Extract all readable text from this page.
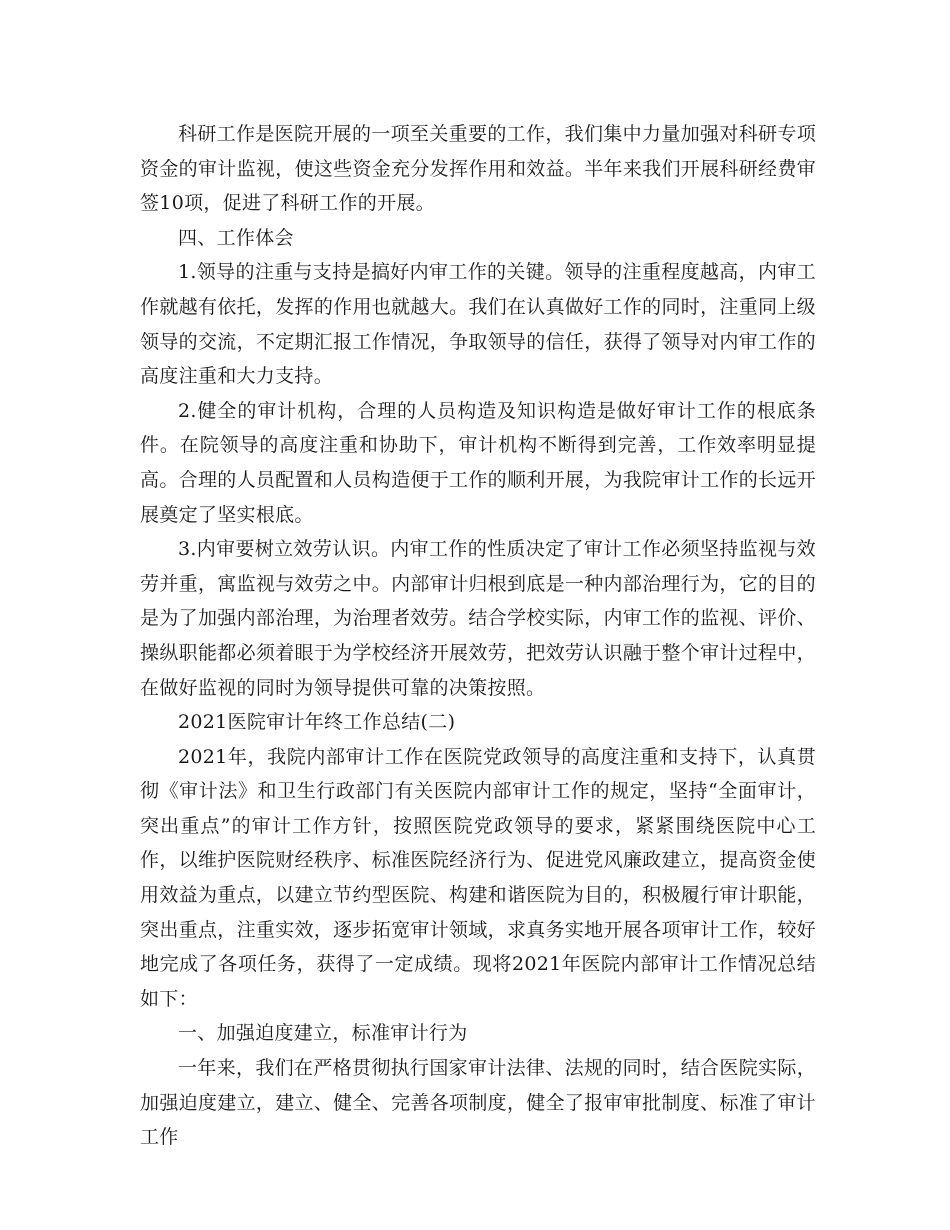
科研工作是医院开展的一项至关重要的工作，我们集中力量加强对科研专项资金的审计监视，使这些资金充分发挥作用和效益。半年来我们开展科研经费审签10项，促进了科研工作的开展。

四、工作体会

1.领导的注重与支持是搞好内审工作的关键。领导的注重程度越高，内审工作就越有依托，发挥的作用也就越大。我们在认真做好工作的同时，注重同上级领导的交流，不定期汇报工作情况，争取领导的信任，获得了领导对内审工作的高度注重和大力支持。

2.健全的审计机构，合理的人员构造及知识构造是做好审计工作的根底条件。在院领导的高度注重和协助下，审计机构不断得到完善，工作效率明显提高。合理的人员配置和人员构造便于工作的顺利开展，为我院审计工作的长远开展奠定了坚实根底。

3.内审要树立效劳认识。内审工作的性质决定了审计工作必须坚持监视与效劳并重，寓监视与效劳之中。内部审计归根到底是一种内部治理行为，它的目的是为了加强内部治理，为治理者效劳。结合学校实际，内审工作的监视、评价、操纵职能都必须着眼于为学校经济开展效劳，把效劳认识融于整个审计过程中，在做好监视的同时为领导提供可靠的决策按照。

2021医院审计年终工作总结(二)

2021年，我院内部审计工作在医院党政领导的高度注重和支持下，认真贯彻《审计法》和卫生行政部门有关医院内部审计工作的规定，坚持“全面审计，突出重点”的审计工作方针，按照医院党政领导的要求，紧紧围绕医院中心工作，以维护医院财经秩序、标准医院经济行为、促进党风廉政建立，提高资金使用效益为重点，以建立节约型医院、构建和谐医院为目的，积极履行审计职能，突出重点，注重实效，逐步拓宽审计领域，求真务实地开展各项审计工作，较好地完成了各项任务，获得了一定成绩。现将2021年医院内部审计工作情况总结如下：

一、加强迫度建立，标准审计行为

一年来，我们在严格贯彻执行国家审计法律、法规的同时，结合医院实际，加强迫度建立，建立、健全、完善各项制度，健全了报审审批制度、标准了审计工作
